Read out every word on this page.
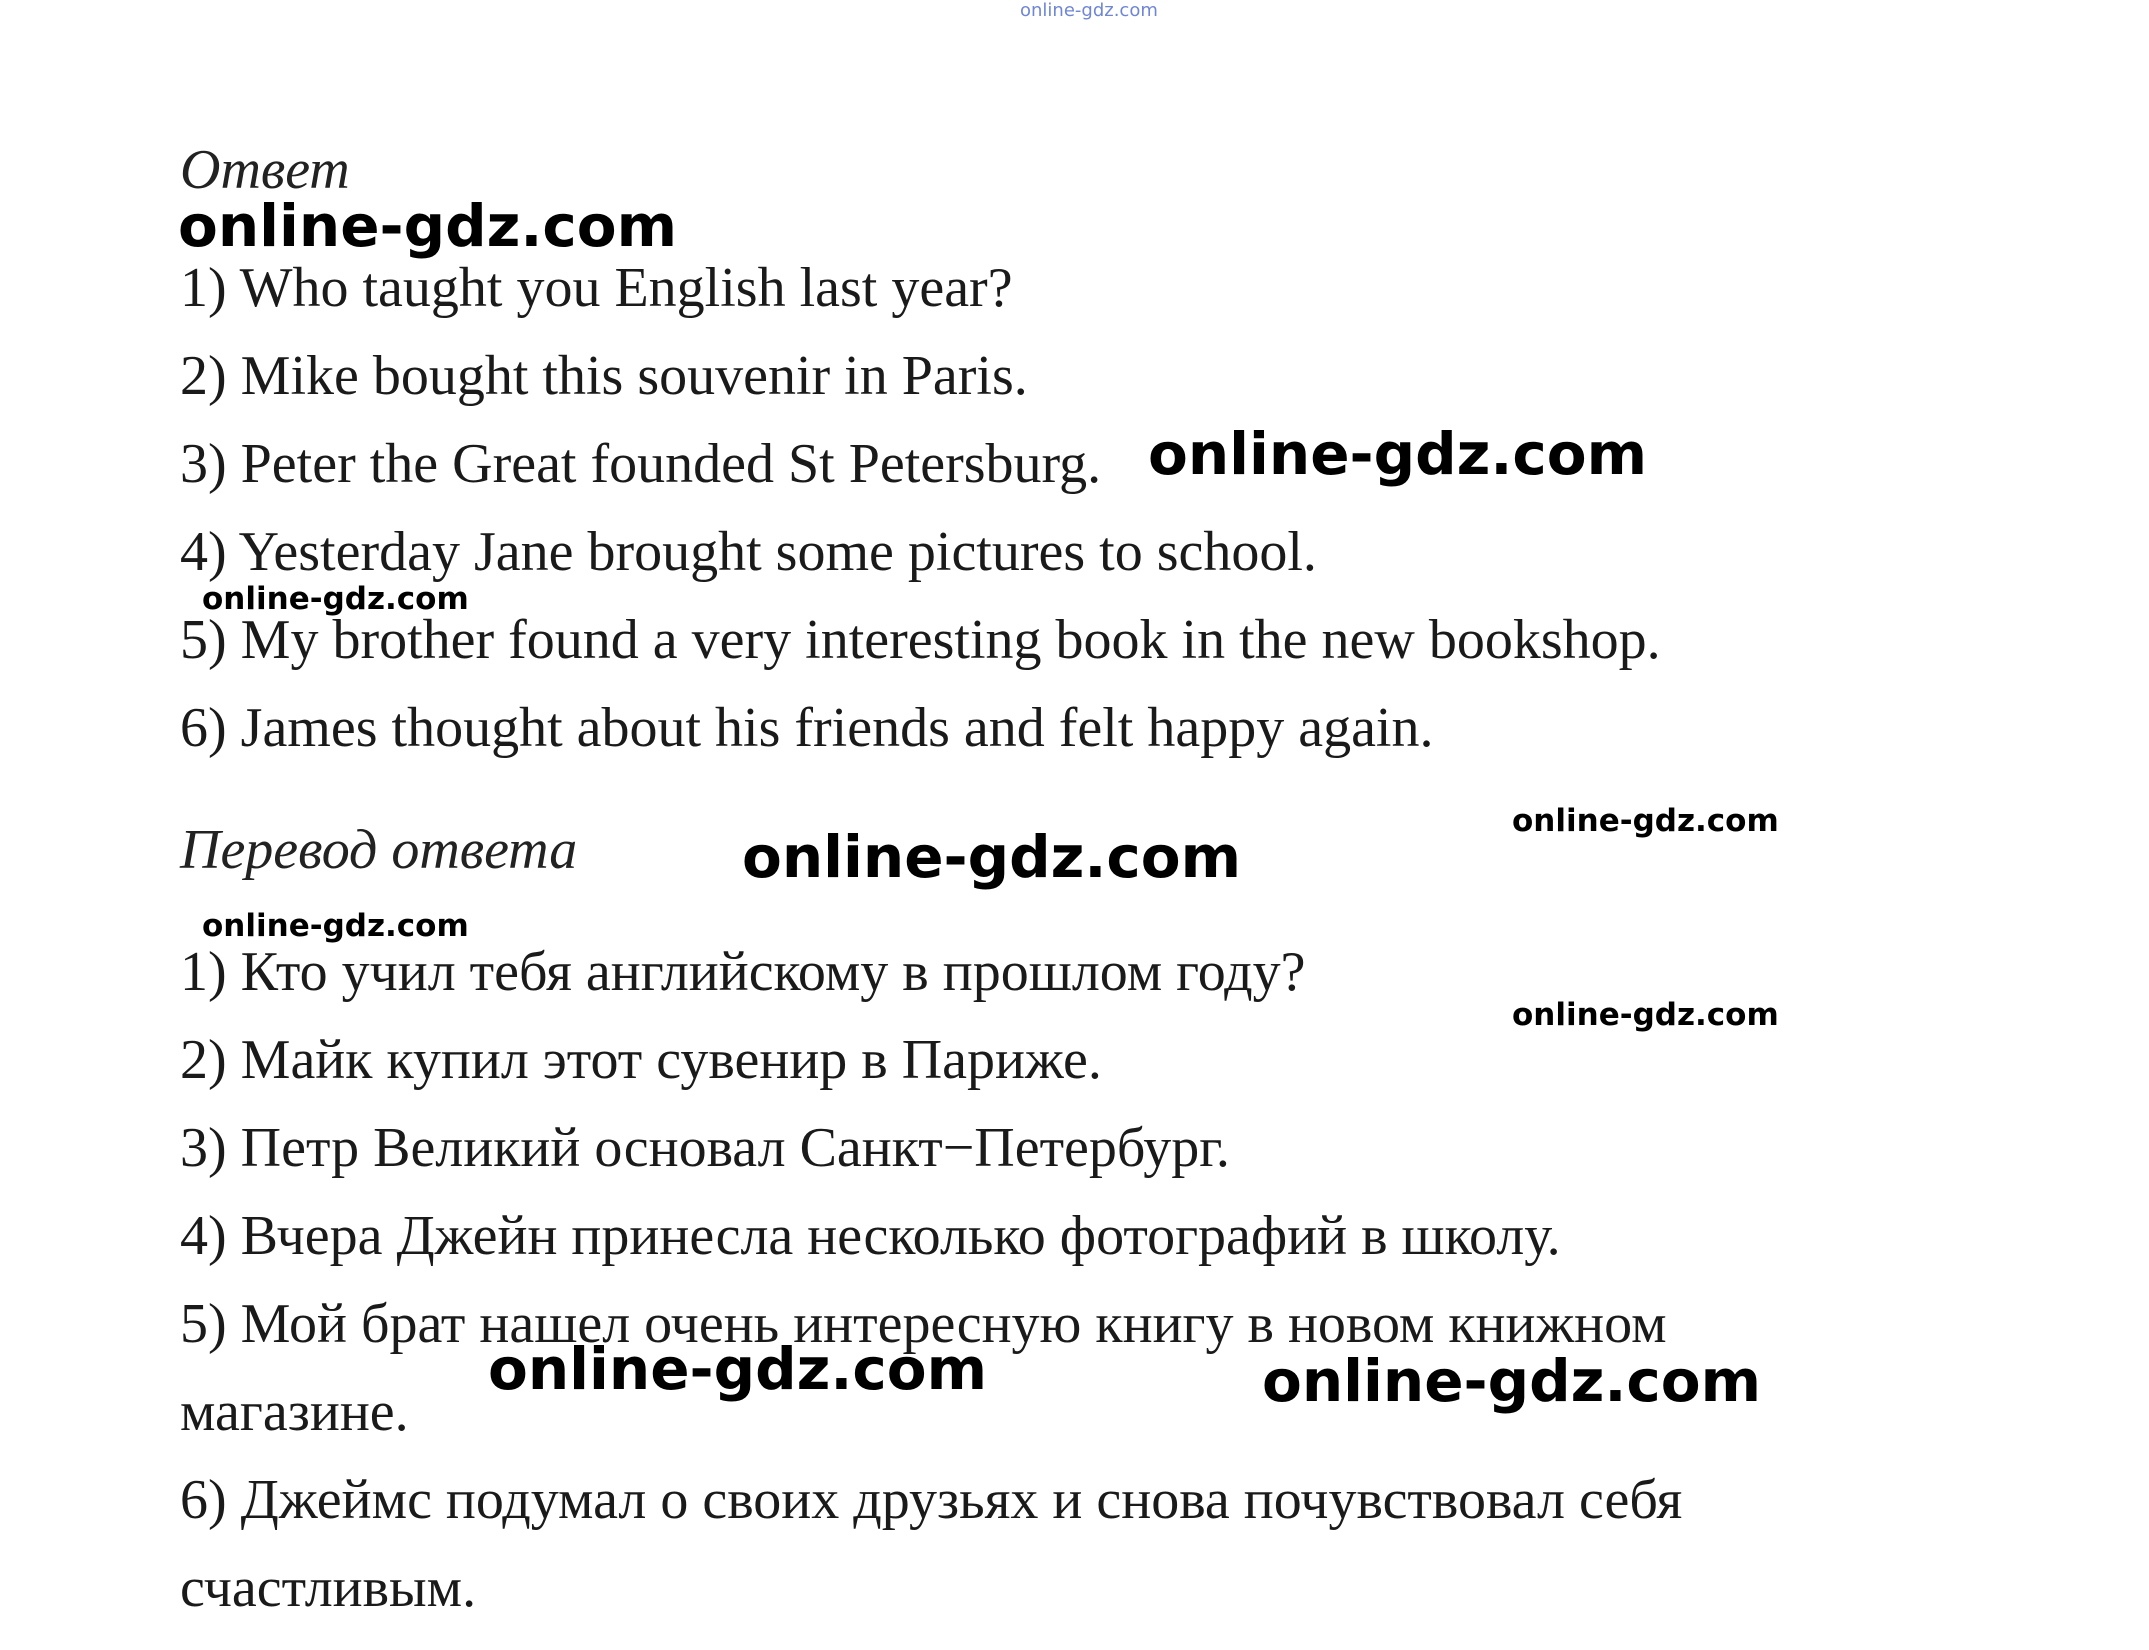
online-gdz.com
Ответ
1) Who taught you English last year?
2) Mike bought this souvenir in Paris.
3) Peter the Great founded St Petersburg.
4) Yesterday Jane brought some pictures to school.
5) My brother found a very interesting book in the new bookshop.
6) James thought about his friends and felt happy again.
Перевод ответа
1) Кто учил тебя английскому в прошлом году?
2) Майк купил этот сувенир в Париже.
3) Петр Великий основал Санкт−Петербург.
4) Вчера Джейн принесла несколько фотографий в школу.
5) Мой брат нашел очень интересную книгу в новом книжном
магазине.
6) Джеймс подумал о своих друзьях и снова почувствовал себя
счастливым.
online-gdz.com
online-gdz.com
online-gdz.com
online-gdz.com
online-gdz.com
online-gdz.com
online-gdz.com
online-gdz.com	online-gdz.com
